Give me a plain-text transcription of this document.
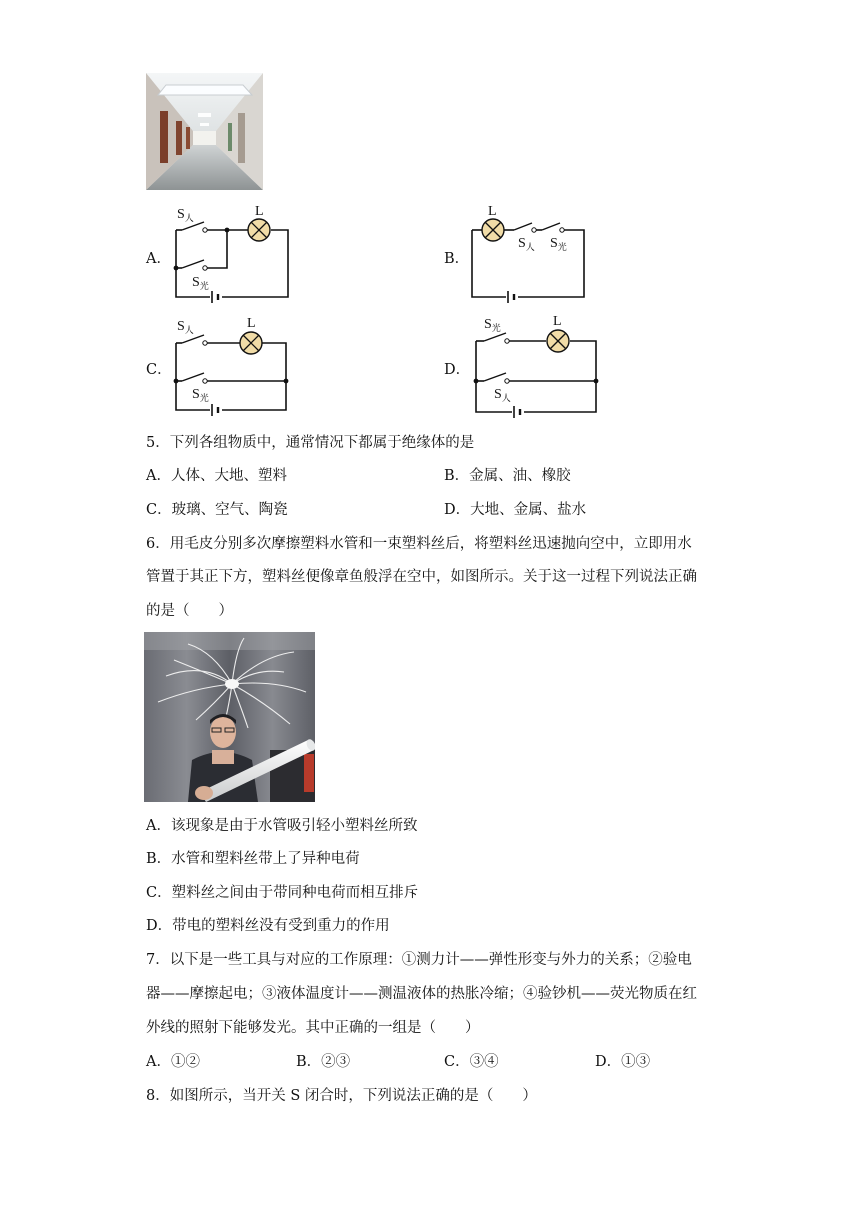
A．
$S_人$	L
$S_光$
B．
L
$S_人$ $S_光$
C．
$S_人$	L
$S_光$
D．
$S_光$	L
$S_人$
5．下列各组物质中，通常情况下都属于绝缘体的是
A．人体、大地、塑料	B．金属、油、橡胶
C．玻璃、空气、陶瓷	D．大地、金属、盐水
6．用毛皮分别多次摩擦塑料水管和一束塑料丝后，将塑料丝迅速抛向空中，立即用水
管置于其正下方，塑料丝便像章鱼般浮在空中，如图所示。关于这一过程下列说法正确
的是（　　）
A．该现象是由于水管吸引轻小塑料丝所致
B．水管和塑料丝带上了异种电荷
C．塑料丝之间由于带同种电荷而相互排斥
D．带电的塑料丝没有受到重力的作用
7．以下是一些工具与对应的工作原理：①测力计——弹性形变与外力的关系；②验电
器——摩擦起电；③液体温度计——测温液体的热胀冷缩；④验钞机——荧光物质在红
外线的照射下能够发光。其中正确的一组是（　　）
A．①②	B．②③	C．③④	D．①③
8．如图所示，当开关 S 闭合时，下列说法正确的是（　　）
